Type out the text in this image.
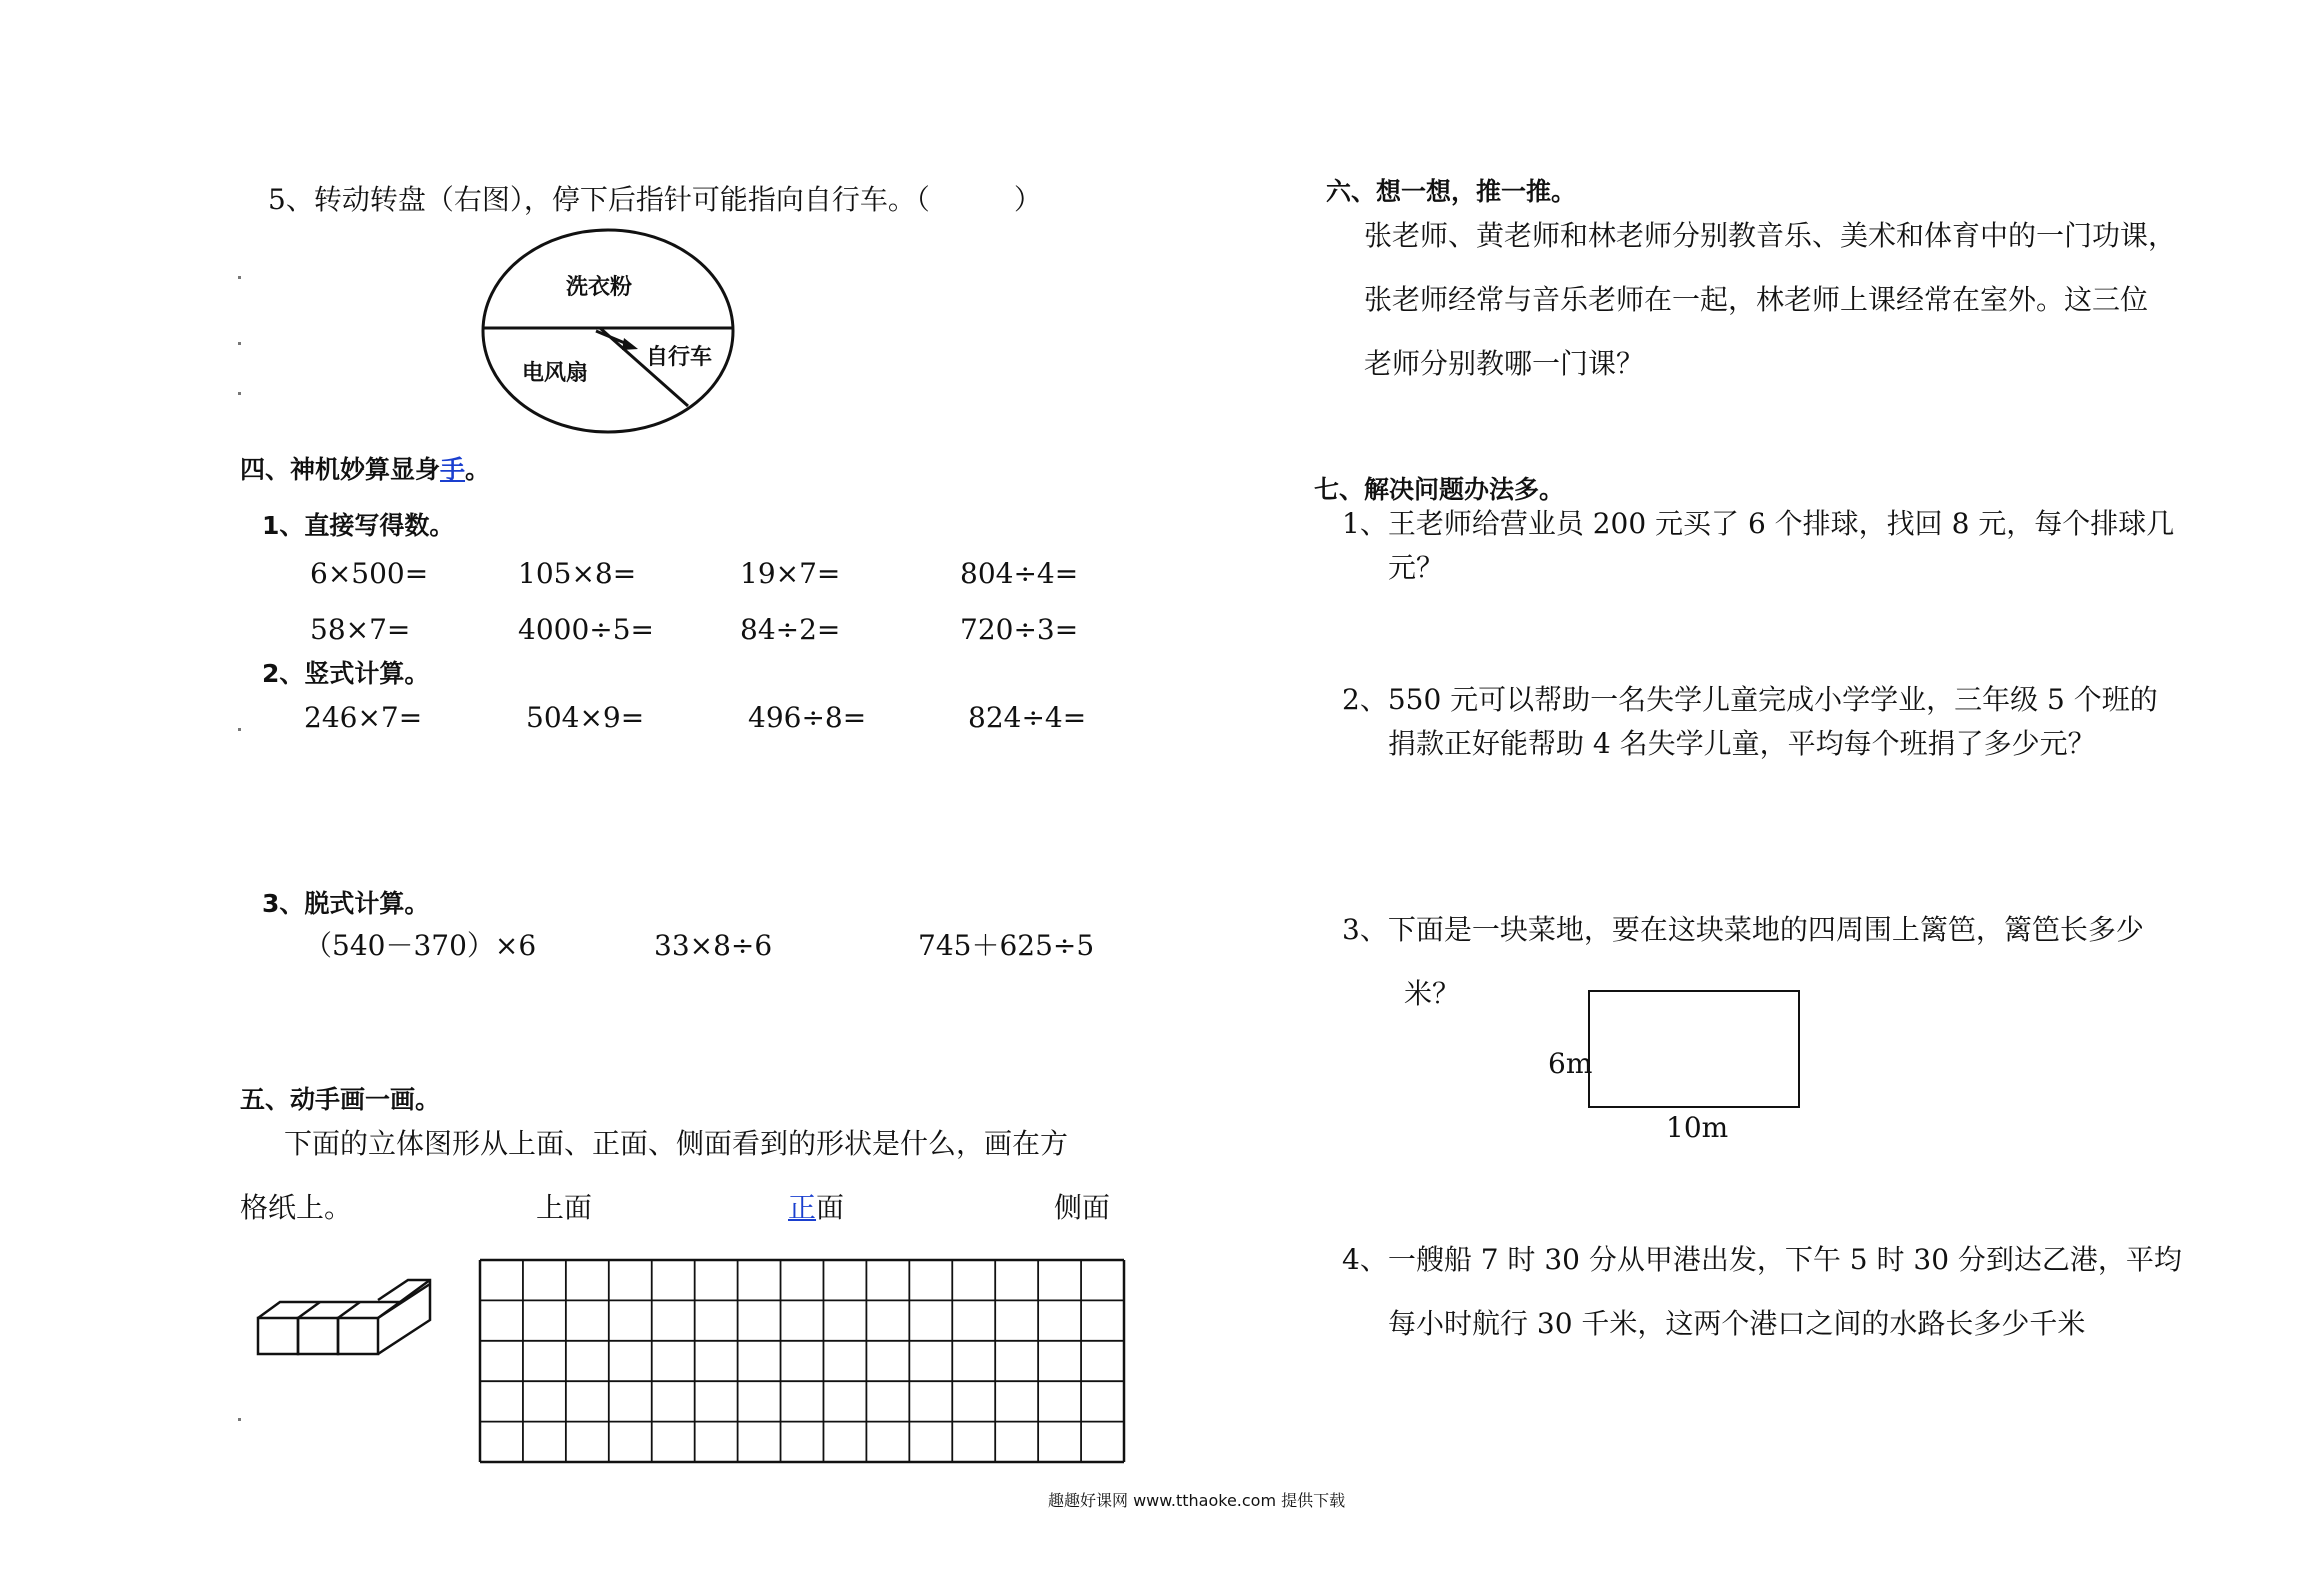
5、转动转盘（右图），停下后指针可能指向自行车。（　　　）
洗衣粉
电风扇
自行车
四、神机妙算显身手。
1、直接写得数。
6×500=	105×8=	19×7=	804÷4=
58×7=	4000÷5=	84÷2=	720÷3=
2、竖式计算。
246×7=	504×9=	496÷8=	824÷4=
3、脱式计算。
（540－370）×6	33×8÷6	745＋625÷5
五、动手画一画。
下面的立体图形从上面、正面、侧面看到的形状是什么，画在方
格纸上。	上面	正面	侧面
六、想一想，推一推。
张老师、黄老师和林老师分别教音乐、美术和体育中的一门功课，
张老师经常与音乐老师在一起，林老师上课经常在室外。这三位
老师分别教哪一门课？
七、解决问题办法多。
1、王老师给营业员 200 元买了 6 个排球，找回 8 元，每个排球几
元？
2、550 元可以帮助一名失学儿童完成小学学业，三年级 5 个班的
捐款正好能帮助 4 名失学儿童，平均每个班捐了多少元？
3、下面是一块菜地，要在这块菜地的四周围上篱笆，篱笆长多少
米？
6m
10m
4、一艘船 7 时 30 分从甲港出发，下午 5 时 30 分到达乙港，平均
每小时航行 30 千米，这两个港口之间的水路长多少千米
趣趣好课网 www.tthaoke.com 提供下载
